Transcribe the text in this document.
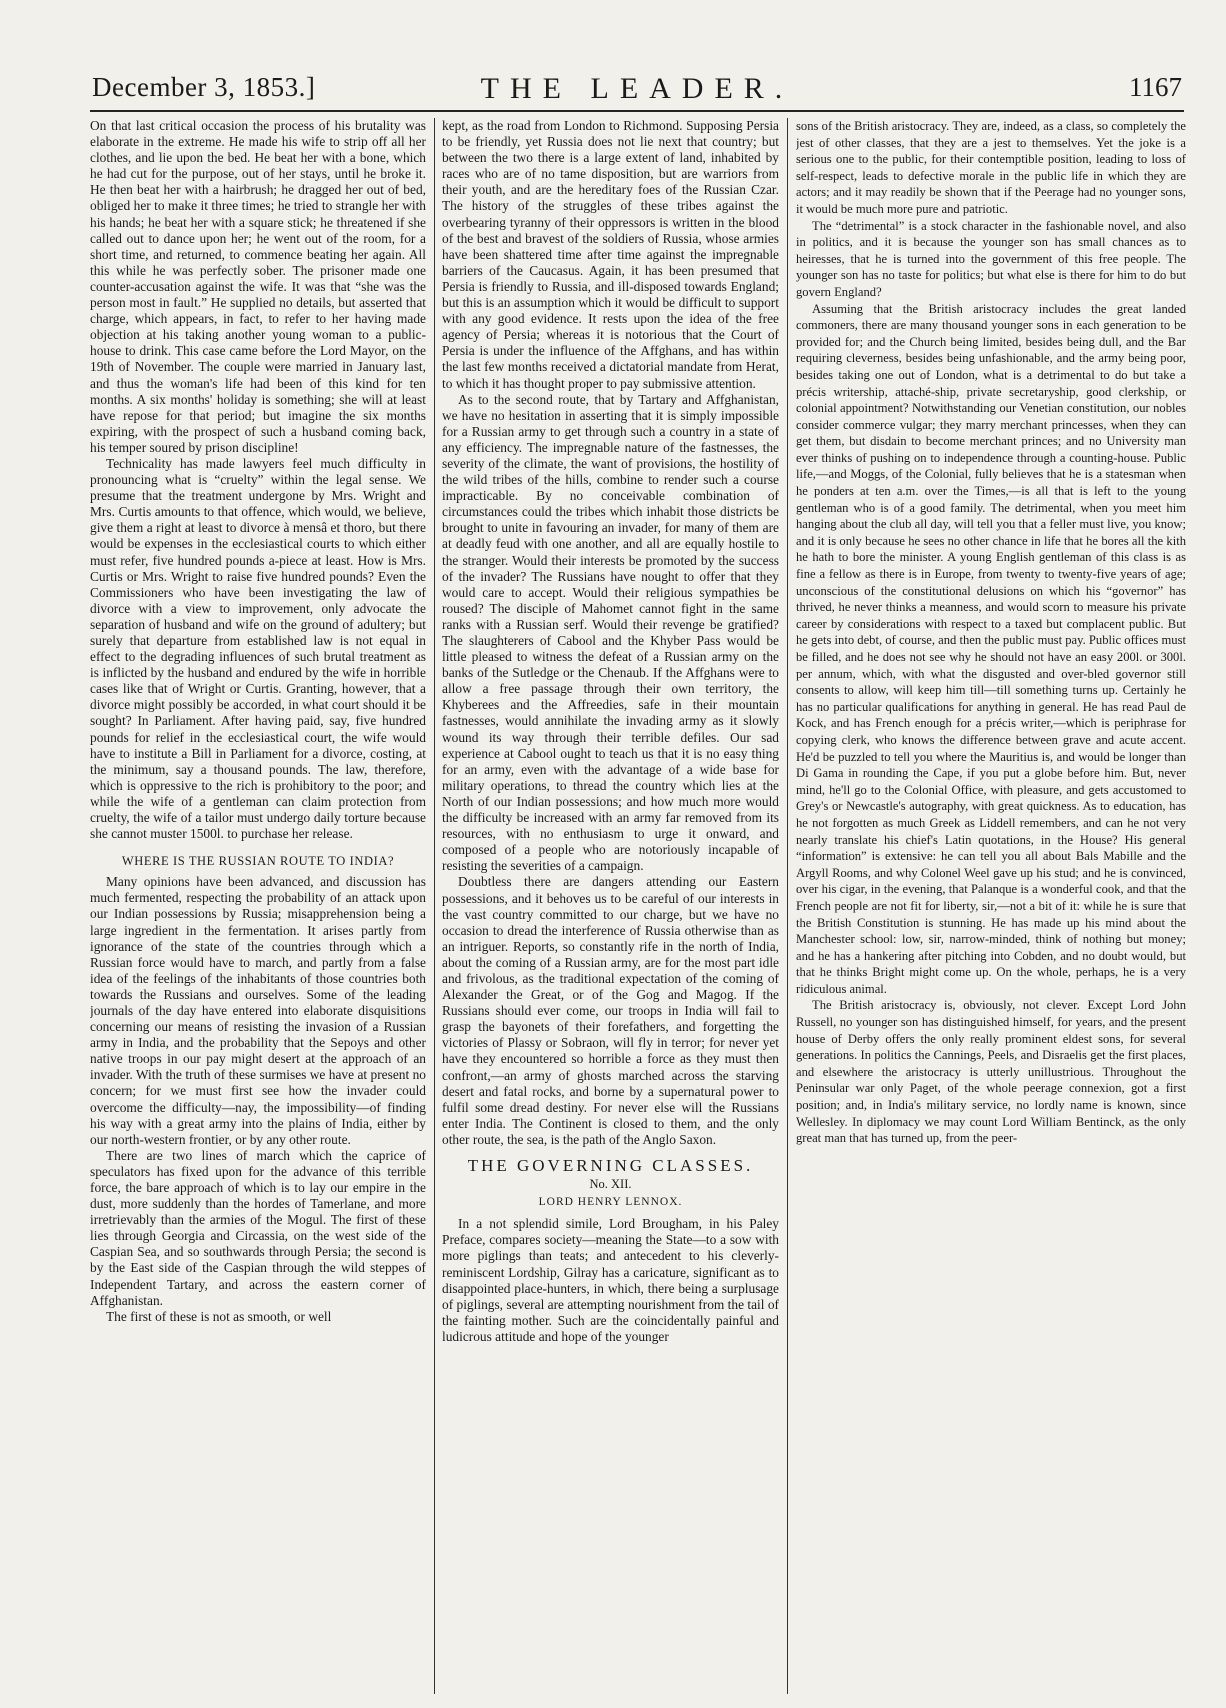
December 3, 1853.]	THE LEADER.	1167

On that last critical occasion the process of his brutality was elaborate in the extreme. He made his wife to strip off all her clothes, and lie upon the bed. He beat her with a bone, which he had cut for the purpose, out of her stays, until he broke it. He then beat her with a hairbrush; he dragged her out of bed, obliged her to make it three times; he tried to strangle her with his hands; he beat her with a square stick; he threatened if she called out to dance upon her; he went out of the room, for a short time, and returned, to commence beating her again. All this while he was perfectly sober. The prisoner made one counter-accusation against the wife. It was that “she was the person most in fault.” He supplied no details, but asserted that charge, which appears, in fact, to refer to her having made objection at his taking another young woman to a public-house to drink. This case came before the Lord Mayor, on the 19th of November. The couple were married in January last, and thus the woman's life had been of this kind for ten months. A six months' holiday is something; she will at least have repose for that period; but imagine the six months expiring, with the prospect of such a husband coming back, his temper soured by prison discipline!

Technicality has made lawyers feel much difficulty in pronouncing what is “cruelty” within the legal sense. We presume that the treatment undergone by Mrs. Wright and Mrs. Curtis amounts to that offence, which would, we believe, give them a right at least to divorce à mensâ et thoro, but there would be expenses in the ecclesiastical courts to which either must refer, five hundred pounds a-piece at least. How is Mrs. Curtis or Mrs. Wright to raise five hundred pounds? Even the Commissioners who have been investigating the law of divorce with a view to improvement, only advocate the separation of husband and wife on the ground of adultery; but surely that departure from established law is not equal in effect to the degrading influences of such brutal treatment as is inflicted by the husband and endured by the wife in horrible cases like that of Wright or Curtis. Granting, however, that a divorce might possibly be accorded, in what court should it be sought? In Parliament. After having paid, say, five hundred pounds for relief in the ecclesiastical court, the wife would have to institute a Bill in Parliament for a divorce, costing, at the minimum, say a thousand pounds. The law, therefore, which is oppressive to the rich is prohibitory to the poor; and while the wife of a gentleman can claim protection from cruelty, the wife of a tailor must undergo daily torture because she cannot muster 1500l. to purchase her release.

WHERE IS THE RUSSIAN ROUTE TO INDIA?

Many opinions have been advanced, and discussion has much fermented, respecting the probability of an attack upon our Indian possessions by Russia; misapprehension being a large ingredient in the fermentation. It arises partly from ignorance of the state of the countries through which a Russian force would have to march, and partly from a false idea of the feelings of the inhabitants of those countries both towards the Russians and ourselves. Some of the leading journals of the day have entered into elaborate disquisitions concerning our means of resisting the invasion of a Russian army in India, and the probability that the Sepoys and other native troops in our pay might desert at the approach of an invader. With the truth of these surmises we have at present no concern; for we must first see how the invader could overcome the difficulty—nay, the impossibility—of finding his way with a great army into the plains of India, either by our north-western frontier, or by any other route.

There are two lines of march which the caprice of speculators has fixed upon for the advance of this terrible force, the bare approach of which is to lay our empire in the dust, more suddenly than the hordes of Tamerlane, and more irretrievably than the armies of the Mogul. The first of these lies through Georgia and Circassia, on the west side of the Caspian Sea, and so southwards through Persia; the second is by the East side of the Caspian through the wild steppes of Independent Tartary, and across the eastern corner of Affghanistan.

The first of these is not as smooth, or well

kept, as the road from London to Richmond. Supposing Persia to be friendly, yet Russia does not lie next that country; but between the two there is a large extent of land, inhabited by races who are of no tame disposition, but are warriors from their youth, and are the hereditary foes of the Russian Czar. The history of the struggles of these tribes against the overbearing tyranny of their oppressors is written in the blood of the best and bravest of the soldiers of Russia, whose armies have been shattered time after time against the impregnable barriers of the Caucasus. Again, it has been presumed that Persia is friendly to Russia, and ill-disposed towards England; but this is an assumption which it would be difficult to support with any good evidence. It rests upon the idea of the free agency of Persia; whereas it is notorious that the Court of Persia is under the influence of the Affghans, and has within the last few months received a dictatorial mandate from Herat, to which it has thought proper to pay submissive attention.

As to the second route, that by Tartary and Affghanistan, we have no hesitation in asserting that it is simply impossible for a Russian army to get through such a country in a state of any efficiency. The impregnable nature of the fastnesses, the severity of the climate, the want of provisions, the hostility of the wild tribes of the hills, combine to render such a course impracticable. By no conceivable combination of circumstances could the tribes which inhabit those districts be brought to unite in favouring an invader, for many of them are at deadly feud with one another, and all are equally hostile to the stranger. Would their interests be promoted by the success of the invader? The Russians have nought to offer that they would care to accept. Would their religious sympathies be roused? The disciple of Mahomet cannot fight in the same ranks with a Russian serf. Would their revenge be gratified? The slaughterers of Cabool and the Khyber Pass would be little pleased to witness the defeat of a Russian army on the banks of the Sutledge or the Chenaub. If the Affghans were to allow a free passage through their own territory, the Khyberees and the Affreedies, safe in their mountain fastnesses, would annihilate the invading army as it slowly wound its way through their terrible defiles. Our sad experience at Cabool ought to teach us that it is no easy thing for an army, even with the advantage of a wide base for military operations, to thread the country which lies at the North of our Indian possessions; and how much more would the difficulty be increased with an army far removed from its resources, with no enthusiasm to urge it onward, and composed of a people who are notoriously incapable of resisting the severities of a campaign.

Doubtless there are dangers attending our Eastern possessions, and it behoves us to be careful of our interests in the vast country committed to our charge, but we have no occasion to dread the interference of Russia otherwise than as an intriguer. Reports, so constantly rife in the north of India, about the coming of a Russian army, are for the most part idle and frivolous, as the traditional expectation of the coming of Alexander the Great, or of the Gog and Magog. If the Russians should ever come, our troops in India will fail to grasp the bayonets of their forefathers, and forgetting the victories of Plassy or Sobraon, will fly in terror; for never yet have they encountered so horrible a force as they must then confront,—an army of ghosts marched across the starving desert and fatal rocks, and borne by a supernatural power to fulfil some dread destiny. For never else will the Russians enter India. The Continent is closed to them, and the only other route, the sea, is the path of the Anglo Saxon.

THE GOVERNING CLASSES.
No. XII.
LORD HENRY LENNOX.

In a not splendid simile, Lord Brougham, in his Paley Preface, compares society—meaning the State—to a sow with more piglings than teats; and antecedent to his cleverly-reminiscent Lordship, Gilray has a caricature, significant as to disappointed place-hunters, in which, there being a surplusage of piglings, several are attempting nourishment from the tail of the fainting mother. Such are the coincidentally painful and ludicrous attitude and hope of the younger

sons of the British aristocracy. They are, indeed, as a class, so completely the jest of other classes, that they are a jest to themselves. Yet the joke is a serious one to the public, for their contemptible position, leading to loss of self-respect, leads to defective morale in the public life in which they are actors; and it may readily be shown that if the Peerage had no younger sons, it would be much more pure and patriotic.

The “detrimental” is a stock character in the fashionable novel, and also in politics, and it is because the younger son has small chances as to heiresses, that he is turned into the government of this free people. The younger son has no taste for politics; but what else is there for him to do but govern England?

Assuming that the British aristocracy includes the great landed commoners, there are many thousand younger sons in each generation to be provided for; and the Church being limited, besides being dull, and the Bar requiring cleverness, besides being unfashionable, and the army being poor, besides taking one out of London, what is a detrimental to do but take a précis writership, attaché-ship, private secretaryship, good clerkship, or colonial appointment? Notwithstanding our Venetian constitution, our nobles consider commerce vulgar; they marry merchant princesses, when they can get them, but disdain to become merchant princes; and no University man ever thinks of pushing on to independence through a counting-house. Public life,—and Moggs, of the Colonial, fully believes that he is a statesman when he ponders at ten a.m. over the Times,—is all that is left to the young gentleman who is of a good family. The detrimental, when you meet him hanging about the club all day, will tell you that a feller must live, you know; and it is only because he sees no other chance in life that he bores all the kith he hath to bore the minister. A young English gentleman of this class is as fine a fellow as there is in Europe, from twenty to twenty-five years of age; unconscious of the constitutional delusions on which his “governor” has thrived, he never thinks a meanness, and would scorn to measure his private career by considerations with respect to a taxed but complacent public. But he gets into debt, of course, and then the public must pay. Public offices must be filled, and he does not see why he should not have an easy 200l. or 300l. per annum, which, with what the disgusted and over-bled governor still consents to allow, will keep him till—till something turns up. Certainly he has no particular qualifications for anything in general. He has read Paul de Kock, and has French enough for a précis writer,—which is periphrase for copying clerk, who knows the difference between grave and acute accent. He'd be puzzled to tell you where the Mauritius is, and would be longer than Di Gama in rounding the Cape, if you put a globe before him. But, never mind, he'll go to the Colonial Office, with pleasure, and gets accustomed to Grey's or Newcastle's autography, with great quickness. As to education, has he not forgotten as much Greek as Liddell remembers, and can he not very nearly translate his chief's Latin quotations, in the House? His general “information” is extensive: he can tell you all about Bals Mabille and the Argyll Rooms, and why Colonel Weel gave up his stud; and he is convinced, over his cigar, in the evening, that Palanque is a wonderful cook, and that the French people are not fit for liberty, sir,—not a bit of it: while he is sure that the British Constitution is stunning. He has made up his mind about the Manchester school: low, sir, narrow-minded, think of nothing but money; and he has a hankering after pitching into Cobden, and no doubt would, but that he thinks Bright might come up. On the whole, perhaps, he is a very ridiculous animal.

The British aristocracy is, obviously, not clever. Except Lord John Russell, no younger son has distinguished himself, for years, and the present house of Derby offers the only really prominent eldest sons, for several generations. In politics the Cannings, Peels, and Disraelis get the first places, and elsewhere the aristocracy is utterly unillustrious. Throughout the Peninsular war only Paget, of the whole peerage connexion, got a first position; and, in India's military service, no lordly name is known, since Wellesley. In diplomacy we may count Lord William Bentinck, as the only great man that has turned up, from the peer-
